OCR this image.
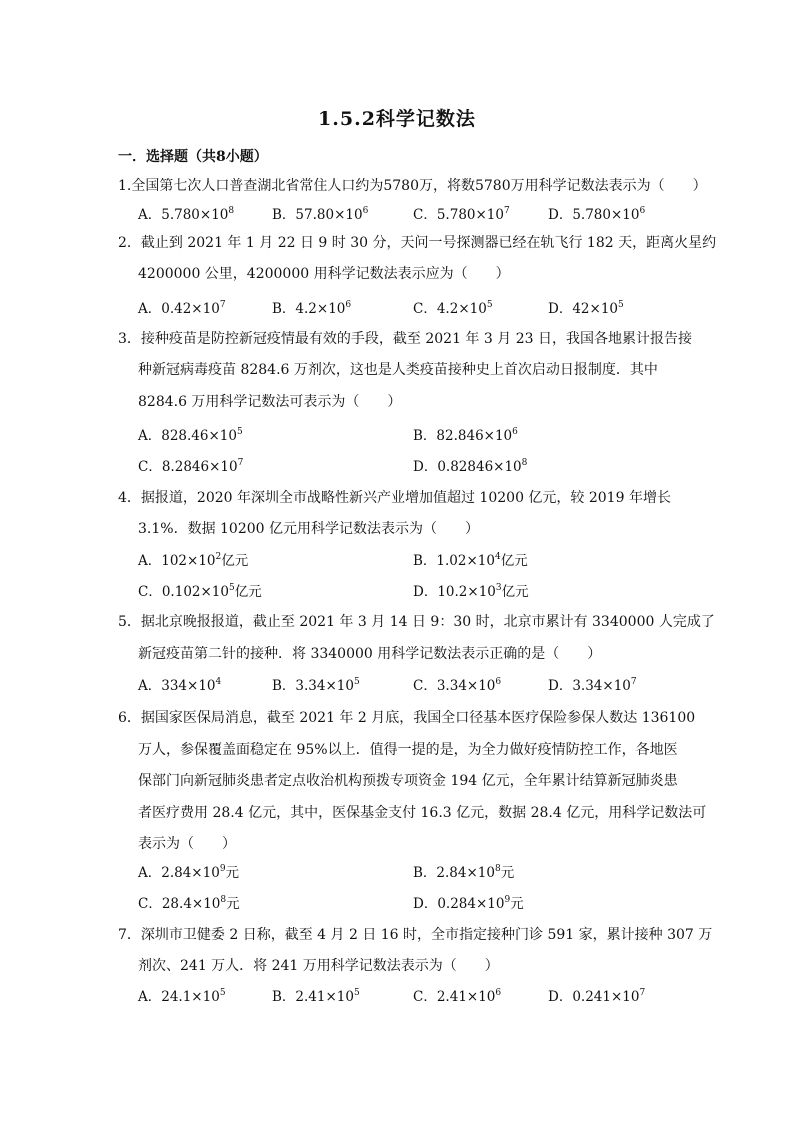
1.5.2科学记数法
一．选择题（共8小题）
1.全国第七次人口普查湖北省常住人口约为5780万，将数5780万用科学记数法表示为（　　）
A．$5.780\times 10^8$	B．$57.80\times 10^6$	C．$5.780\times 10^7$	D．$5.780\times 10^6$
2．截止到 2021 年 1 月 22 日 9 时 30 分，天问一号探测器已经在轨飞行 182 天，距离火星约
4200000 公里，4200000 用科学记数法表示应为（　　）
A．$0.42\times 10^7$	B．$4.2\times 10^6$	C．$4.2\times 10^5$	D．$42\times 10^5$
3．接种疫苗是防控新冠疫情最有效的手段，截至 2021 年 3 月 23 日，我国各地累计报告接
种新冠病毒疫苗 8284.6 万剂次，这也是人类疫苗接种史上首次启动日报制度．其中
8284.6 万用科学记数法可表示为（　　）
A．$828.46\times 10^5$	B．$82.846\times 10^6$
C．$8.2846\times 10^7$	D．$0.82846\times 10^8$
4．据报道，2020 年深圳全市战略性新兴产业增加值超过 10200 亿元，较 2019 年增长
3.1%．数据 10200 亿元用科学记数法表示为（　　）
A．$102\times 10^2$亿元	B．$1.02\times 10^4$亿元
C．$0.102\times 10^5$亿元	D．$10.2\times 10^3$亿元
5．据北京晚报报道，截止至 2021 年 3 月 14 日 9：30 时，北京市累计有 3340000 人完成了
新冠疫苗第二针的接种．将 3340000 用科学记数法表示正确的是（　　）
A．$334\times 10^4$	B．$3.34\times 10^5$	C．$3.34\times 10^6$	D．$3.34\times 10^7$
6．据国家医保局消息，截至 2021 年 2 月底，我国全口径基本医疗保险参保人数达 136100
万人，参保覆盖面稳定在 95%以上．值得一提的是，为全力做好疫情防控工作，各地医
保部门向新冠肺炎患者定点收治机构预拨专项资金 194 亿元，全年累计结算新冠肺炎患
者医疗费用 28.4 亿元，其中，医保基金支付 16.3 亿元，数据 28.4 亿元，用科学记数法可
表示为（　　）
A．$2.84\times 10^9$元	B．$2.84\times 10^8$元
C．$28.4\times 10^8$元	D．$0.284\times 10^9$元
7．深圳市卫健委 2 日称，截至 4 月 2 日 16 时，全市指定接种门诊 591 家，累计接种 307 万
剂次、241 万人．将 241 万用科学记数法表示为（　　）
A．$24.1\times 10^5$	B．$2.41\times 10^5$	C．$2.41\times 10^6$	D．$0.241\times 10^7$
